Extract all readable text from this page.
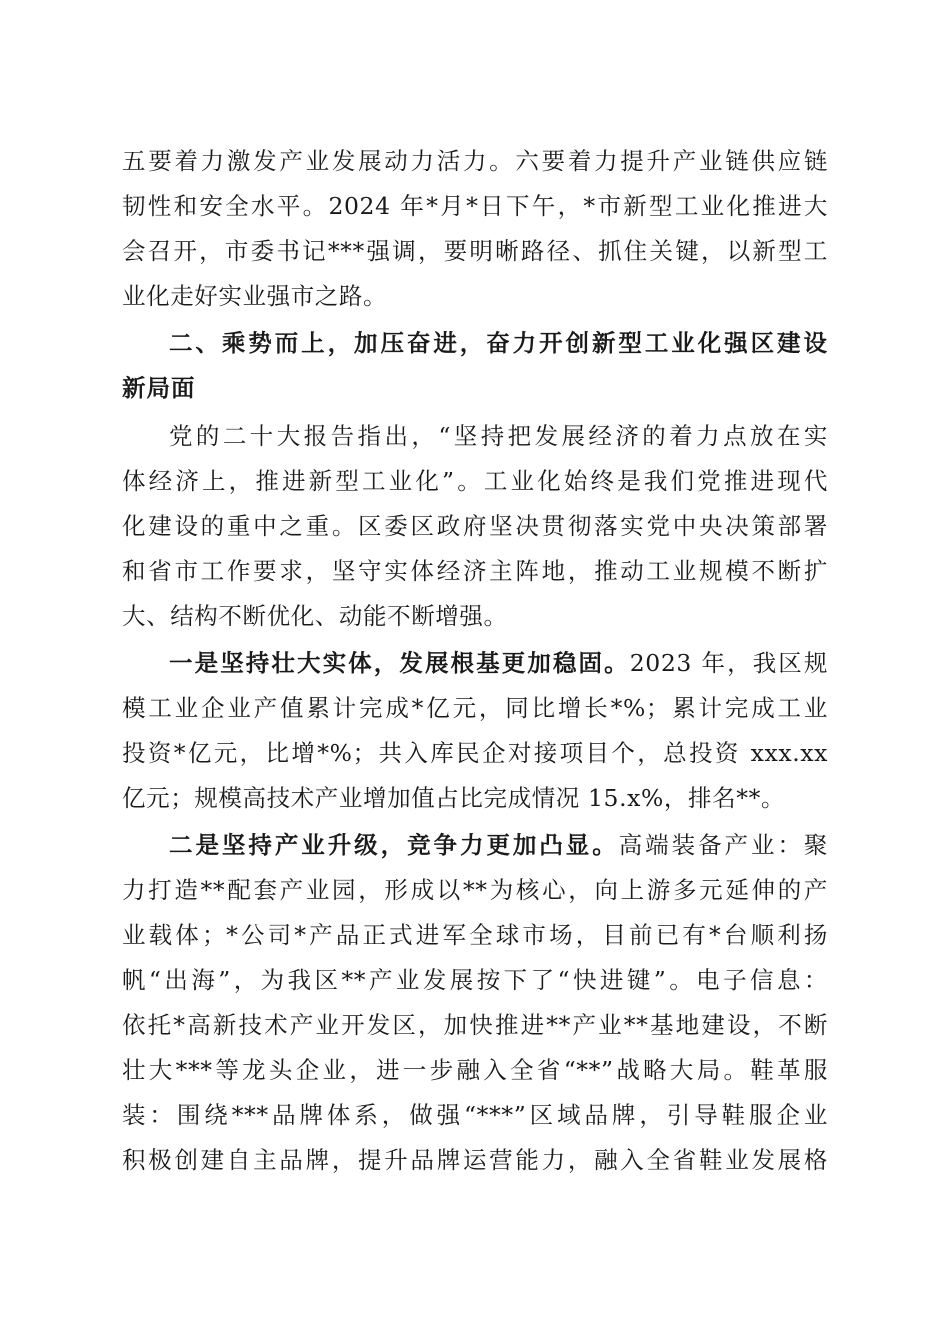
五要着力激发产业发展动力活力。六要着力提升产业链供应链
韧性和安全水平。2024 年*月*日下午，*市新型工业化推进大
会召开，市委书记***强调，要明晰路径、抓住关键，以新型工
业化走好实业强市之路。
二、乘势而上，加压奋进，奋力开创新型工业化强区建设
新局面
党的二十大报告指出，“坚持把发展经济的着力点放在实
体经济上，推进新型工业化”。工业化始终是我们党推进现代
化建设的重中之重。区委区政府坚决贯彻落实党中央决策部署
和省市工作要求，坚守实体经济主阵地，推动工业规模不断扩
大、结构不断优化、动能不断增强。
一是坚持壮大实体，发展根基更加稳固。2023 年，我区规
模工业企业产值累计完成*亿元，同比增长*%；累计完成工业
投资*亿元，比增*%；共入库民企对接项目个，总投资 xxx.xx
亿元；规模高技术产业增加值占比完成情况 15.x%，排名**。
二是坚持产业升级，竞争力更加凸显。高端装备产业：聚
力打造**配套产业园，形成以**为核心，向上游多元延伸的产
业载体；*公司*产品正式进军全球市场，目前已有*台顺利扬
帆“出海”，为我区**产业发展按下了“快进键”。电子信息：
依托*高新技术产业开发区，加快推进**产业**基地建设，不断
壮大***等龙头企业，进一步融入全省“**”战略大局。鞋革服
装：围绕***品牌体系，做强“***”区域品牌，引导鞋服企业
积极创建自主品牌，提升品牌运营能力，融入全省鞋业发展格
